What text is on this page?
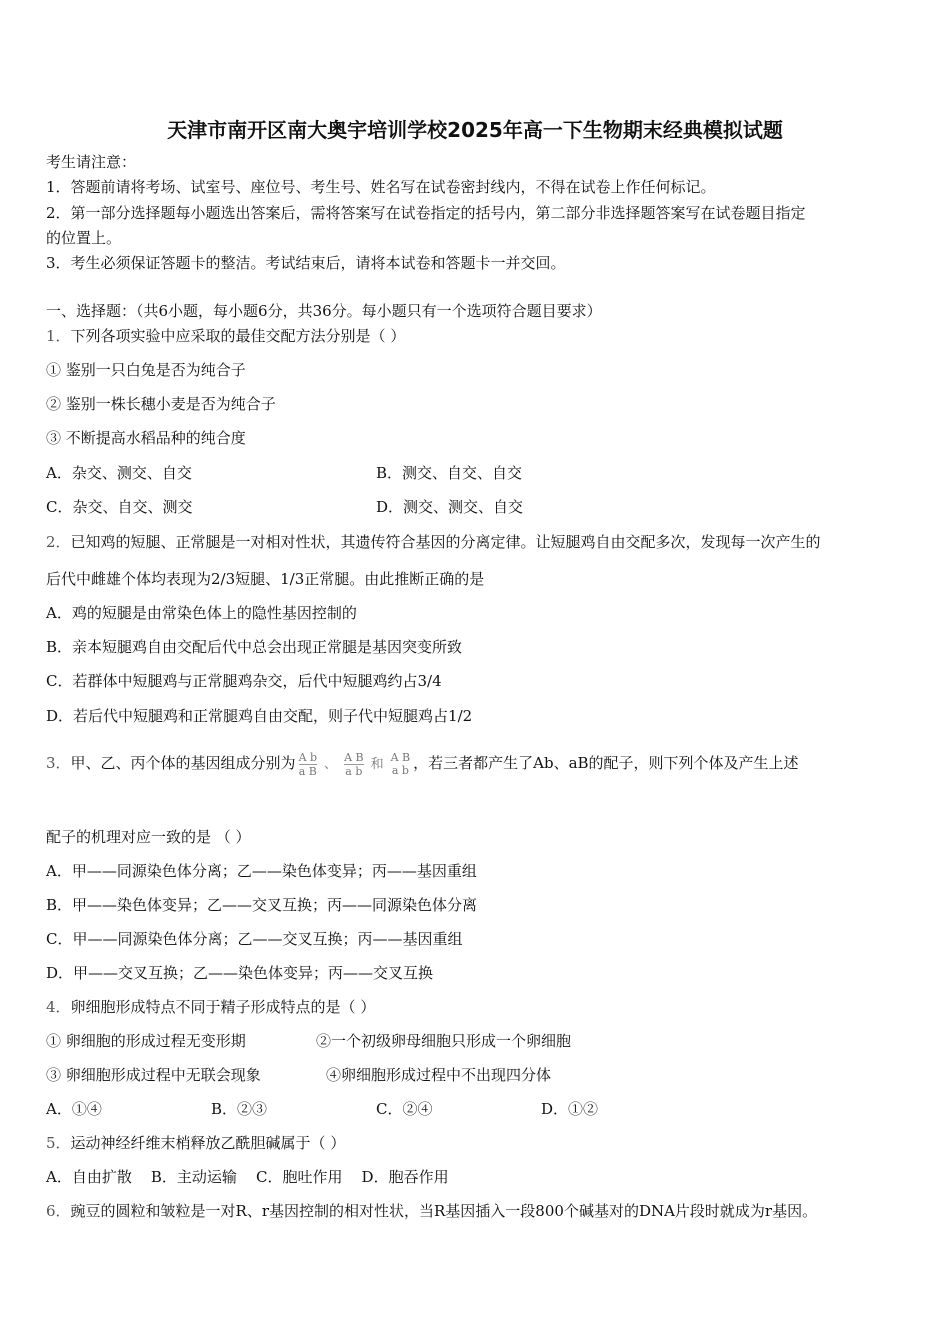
天津市南开区南大奥宇培训学校2025年高一下生物期末经典模拟试题
考生请注意：
1．答题前请将考场、试室号、座位号、考生号、姓名写在试卷密封线内，不得在试卷上作任何标记。
2．第一部分选择题每小题选出答案后，需将答案写在试卷指定的括号内，第二部分非选择题答案写在试卷题目指定
的位置上。
3．考生必须保证答题卡的整洁。考试结束后，请将本试卷和答题卡一并交回。
一、选择题：（共6小题，每小题6分，共36分。每小题只有一个选项符合题目要求）
1．下列各项实验中应采取的最佳交配方法分别是（ ）
① 鉴别一只白兔是否为纯合子
② 鉴别一株长穗小麦是否为纯合子
③ 不断提高水稻品种的纯合度
A．杂交、测交、自交	B．测交、自交、自交
C．杂交、自交、测交	D．测交、测交、自交
2．已知鸡的短腿、正常腿是一对相对性状，其遗传符合基因的分离定律。让短腿鸡自由交配多次，发现每一次产生的
后代中雌雄个体均表现为2/3短腿、1/3正常腿。由此推断正确的是
A．鸡的短腿是由常染色体上的隐性基因控制的
B．亲本短腿鸡自由交配后代中总会出现正常腿是基因突变所致
C．若群体中短腿鸡与正常腿鸡杂交，后代中短腿鸡约占3/4
D．若后代中短腿鸡和正常腿鸡自由交配，则子代中短腿鸡占1/2
3．甲、乙、丙个体的基因组成分别为 $\frac{\text{A b}}{\text{a B}}$ 、 $\frac{\text{A B}}{\text{a b}}$ 和 A B
a b ，若三者都产生了Ab、aB的配子，则下列个体及产生上述
配子的机理对应一致的是 （ ）
A．甲——同源染色体分离；乙——染色体变异；丙——基因重组
B．甲——染色体变异；乙——交叉互换；丙——同源染色体分离
C．甲——同源染色体分离；乙——交叉互换；丙——基因重组
D．甲——交叉互换；乙——染色体变异；丙——交叉互换
4．卵细胞形成特点不同于精子形成特点的是（ ）
① 卵细胞的形成过程无变形期	②一个初级卵母细胞只形成一个卵细胞
③ 卵细胞形成过程中无联会现象	④卵细胞形成过程中不出现四分体
A．①④	B．②③	C．②④	D．①②
5．运动神经纤维末梢释放乙酰胆碱属于（ ）
A．自由扩散    B．主动运输    C．胞吐作用    D．胞吞作用
6．豌豆的圆粒和皱粒是一对R、r基因控制的相对性状，当R基因插入一段800个碱基对的DNA片段时就成为r基因。
